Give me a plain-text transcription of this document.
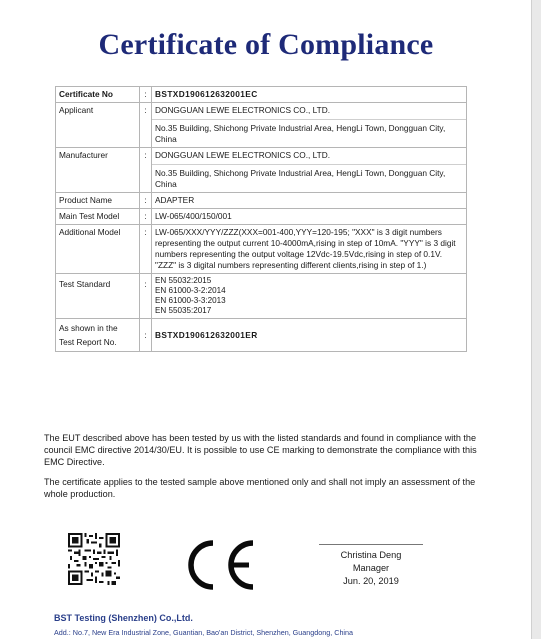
Certificate of Compliance
Certificate No	:	BSTXD190612632001EC
Applicant	:	DONGGUAN LEWE ELECTRONICS CO., LTD.
No.35 Building, Shichong Private Industrial Area, HengLi Town, Dongguan City, China

Manufacturer	:	DONGGUAN LEWE ELECTRONICS CO., LTD.
No.35 Building, Shichong Private Industrial Area, HengLi Town, Dongguan City, China

Product Name	:	ADAPTER
Main Test Model	:	LW-065/400/150/001
Additional Model	:	LW-065/XXX/YYY/ZZZ(XXX=001-400,YYY=120-195; "XXX" is 3 digit numbers representing the output current 10-4000mA,rising in step of 10mA. "YYY" is 3 digit numbers representing the output voltage 12Vdc-19.5Vdc,rising in step of 0.1V. "ZZZ" is 3 digital numbers representing different clients,rising in step of 1.)
Test Standard	:	EN 55032:2015
EN 61000-3-2:2014
EN 61000-3-3:2013
EN 55035:2017

As shown in the
Test Report No.	:	BSTXD190612632001ER
The EUT described above has been tested by us with the listed standards and found in compliance with the council EMC directive 2014/30/EU. It is possible to use CE marking to demonstrate the compliance with this EMC Directive.
The certificate applies to the tested sample above mentioned only and shall not imply an assessment of the whole production.
Christina Deng
Manager
Jun. 20, 2019
BST Testing (Shenzhen) Co.,Ltd.
Add.: No.7, New Era Industrial Zone, Guantian, Bao'an District, Shenzhen, Guangdong, China
